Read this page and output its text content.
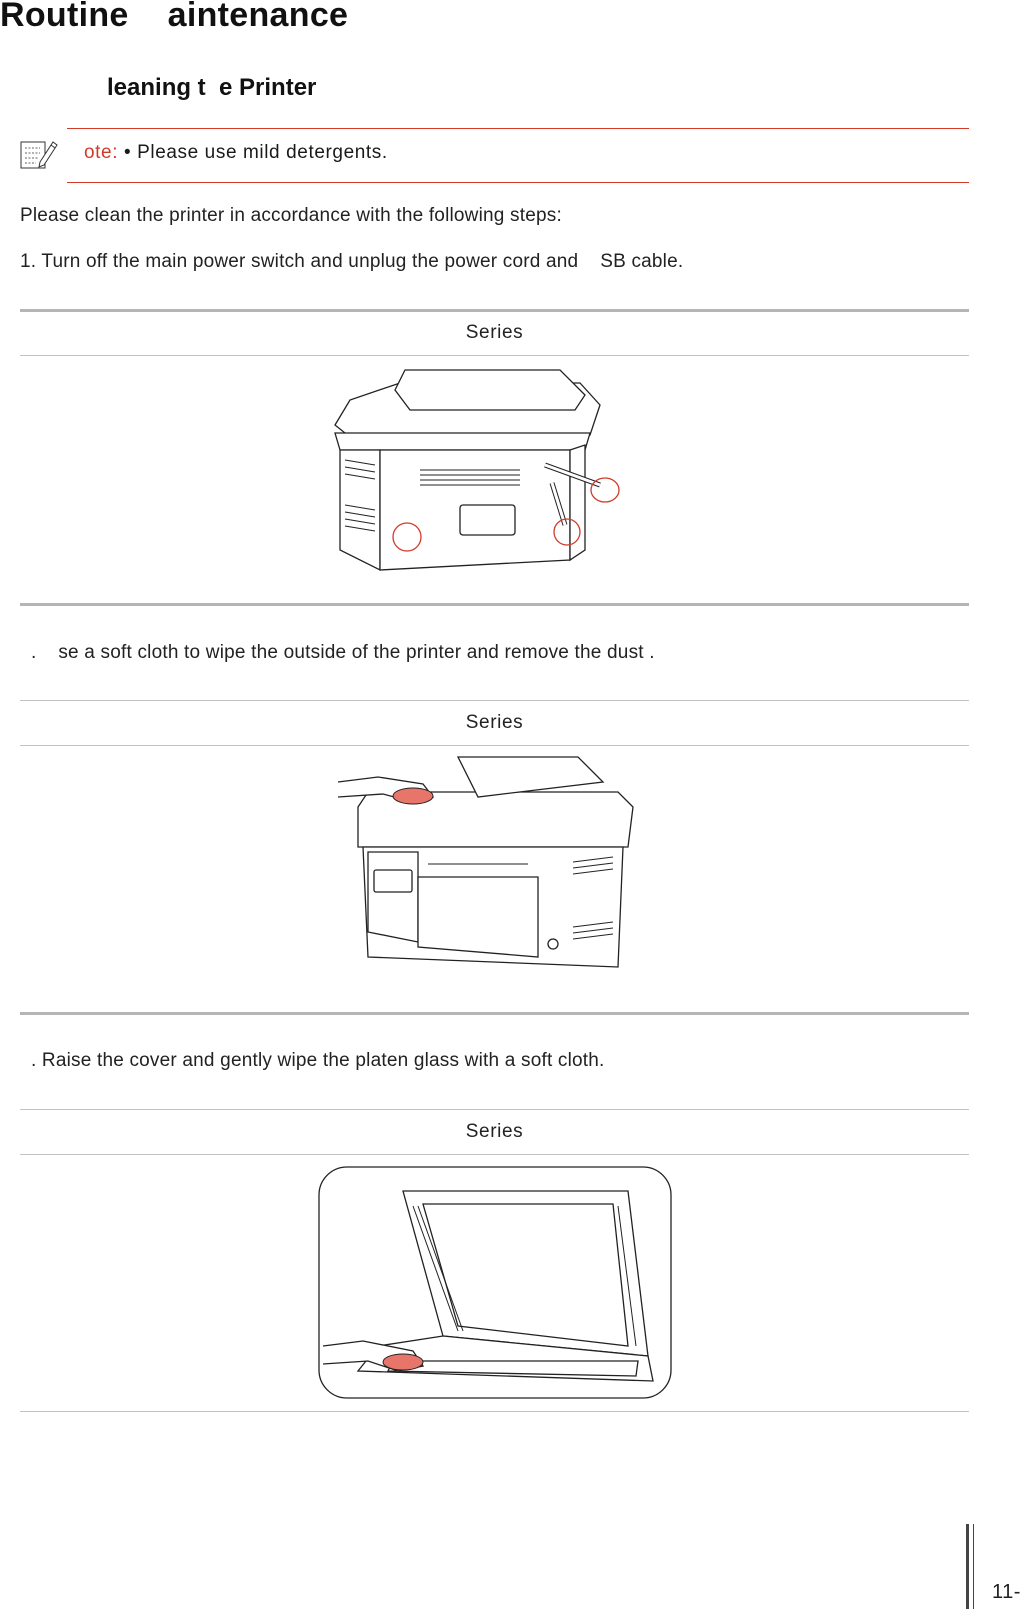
Routine    aintenance
leaning t  e Printer
ote: • Please use mild detergents.
Please clean the printer in accordance with the following steps:
1. Turn off the main power switch and unplug the power cord and    SB cable.
Series
.    se a soft cloth to wipe the outside of the printer and remove the dust .
Series
. Raise the cover and gently wipe the platen glass with a soft cloth.
Series
11-
